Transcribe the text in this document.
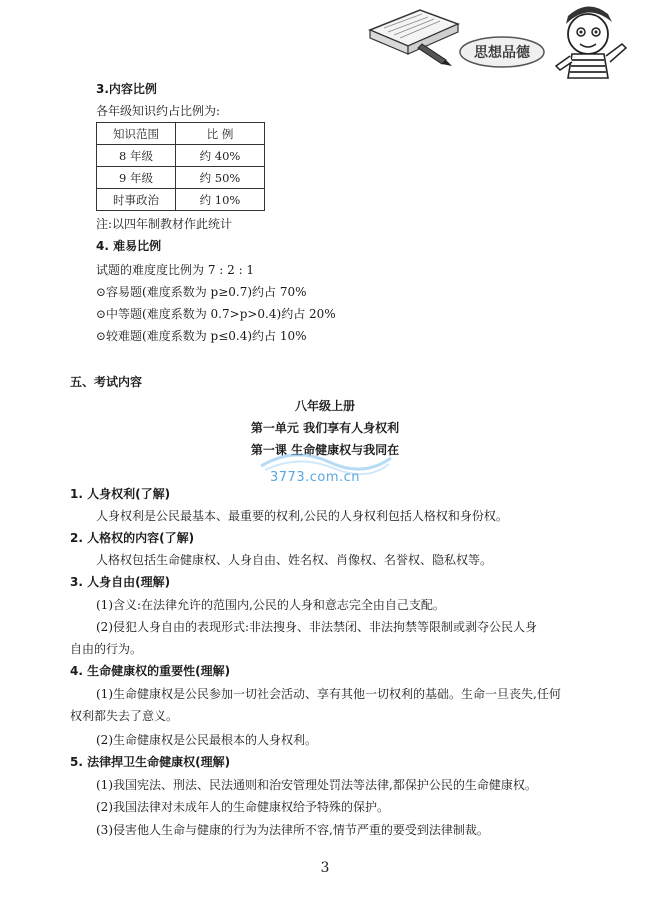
思想品德
3.内容比例
各年级知识约占比例为:
知识范围	比 例
8 年级	约 40%
9 年级	约 50%
时事政治	约 10%
注:以四年制教材作此统计
4. 难易比例
试题的难度度比例为 7 : 2 : 1
⊙容易题(难度系数为 p≥0.7)约占 70%
⊙中等题(难度系数为 0.7>p>0.4)约占 20%
⊙较难题(难度系数为 p≤0.4)约占 10%
五、考试内容
八年级上册
第一单元 我们享有人身权利
第一课 生命健康权与我同在
3773.com.cn
1. 人身权利(了解)
人身权利是公民最基本、最重要的权利,公民的人身权利包括人格权和身份权。
2. 人格权的内容(了解)
人格权包括生命健康权、人身自由、姓名权、肖像权、名誉权、隐私权等。
3. 人身自由(理解)
(1)含义:在法律允许的范围内,公民的人身和意志完全由自己支配。
(2)侵犯人身自由的表现形式:非法搜身、非法禁闭、非法拘禁等限制或剥夺公民人身
自由的行为。
4. 生命健康权的重要性(理解)
(1)生命健康权是公民参加一切社会活动、享有其他一切权利的基础。生命一旦丧失,任何
权利都失去了意义。
(2)生命健康权是公民最根本的人身权利。
5. 法律捍卫生命健康权(理解)
(1)我国宪法、刑法、民法通则和治安管理处罚法等法律,都保护公民的生命健康权。
(2)我国法律对未成年人的生命健康权给予特殊的保护。
(3)侵害他人生命与健康的行为为法律所不容,情节严重的要受到法律制裁。
3
